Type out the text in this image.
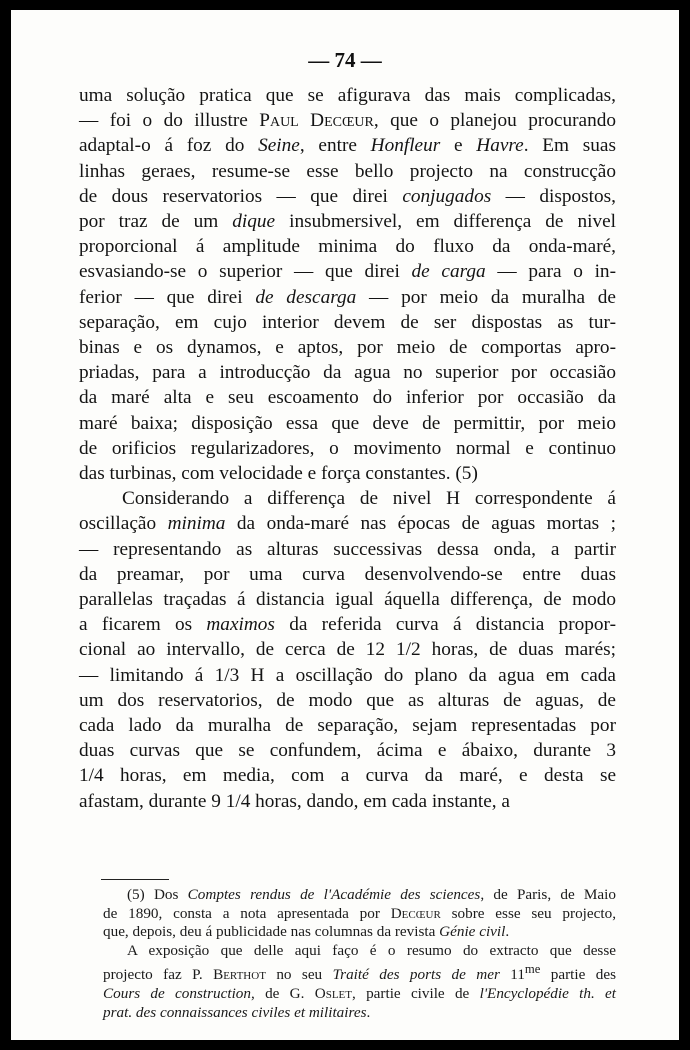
— 74 —

uma solução pratica que se afigurava das mais complicadas,
— foi o do illustre Paul Decœur, que o planejou procurando
adaptal-o á foz do Seine, entre Honfleur e Havre. Em suas
linhas geraes, resume-se esse bello projecto na construcção
de dous reservatorios — que direi conjugados — dispostos,
por traz de um dique insubmersivel, em differença de nivel
proporcional á amplitude minima do fluxo da onda-maré,
esvasiando-se o superior — que direi de carga — para o in-
ferior — que direi de descarga — por meio da muralha de
separação, em cujo interior devem de ser dispostas as tur-
binas e os dynamos, e aptos, por meio de comportas apro-
priadas, para a introducção da agua no superior por occasião
da maré alta e seu escoamento do inferior por occasião da
maré baixa; disposição essa que deve de permittir, por meio
de orificios regularizadores, o movimento normal e continuo
das turbinas, com velocidade e força constantes. (5)

Considerando a differença de nivel H correspondente á
oscillação minima da onda-maré nas épocas de aguas mortas ;
— representando as alturas successivas dessa onda, a partir
da preamar, por uma curva desenvolvendo-se entre duas
parallelas traçadas á distancia igual áquella differença, de modo
a ficarem os maximos da referida curva á distancia propor-
cional ao intervallo, de cerca de 12 1/2 horas, de duas marés;
— limitando á 1/3 H a oscillação do plano da agua em cada
um dos reservatorios, de modo que as alturas de aguas, de
cada lado da muralha de separação, sejam representadas por
duas curvas que se confundem, ácima e ábaixo, durante 3
1/4 horas, em media, com a curva da maré, e desta se
afastam, durante 9 1/4 horas, dando, em cada instante, a

(5) Dos Comptes rendus de l'Académie des sciences, de Paris, de Maio
de 1890, consta a nota apresentada por Decœur sobre esse seu projecto,
que, depois, deu á publicidade nas columnas da revista Génie civil.

A exposição que delle aqui faço é o resumo do extracto que desse
projecto faz P. Berthot no seu Traité des ports de mer $11^{me}$ partie des
Cours de construction, de G. Oslet, partie civile de l'Encyclopédie th. et
prat. des connaissances civiles et militaires.
